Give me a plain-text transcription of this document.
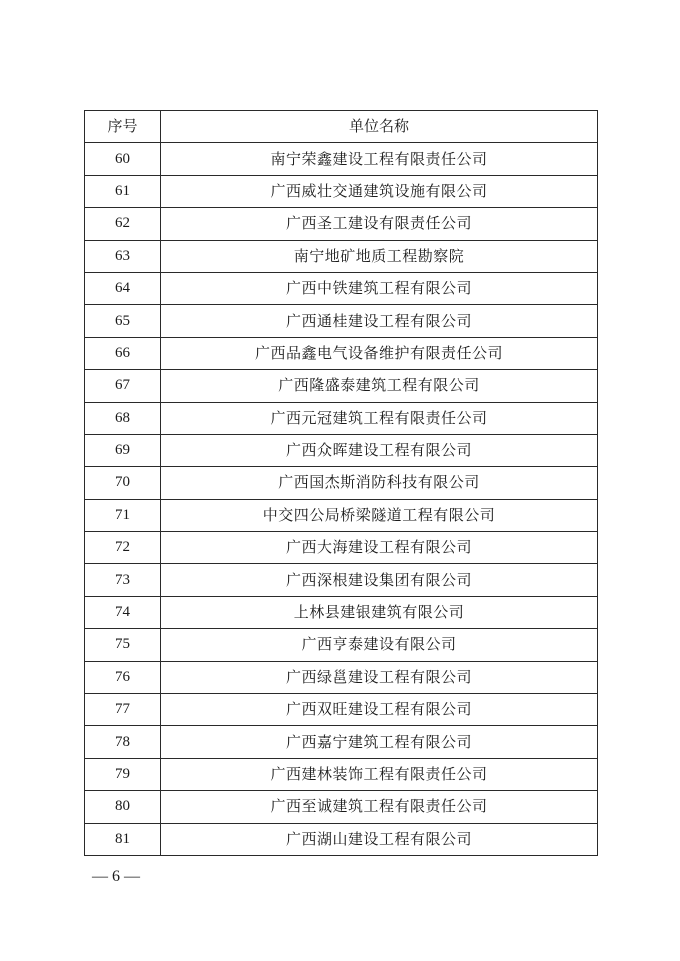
序号	单位名称
60	南宁荣鑫建设工程有限责任公司
61	广西威壮交通建筑设施有限公司
62	广西圣工建设有限责任公司
63	南宁地矿地质工程勘察院
64	广西中铁建筑工程有限公司
65	广西通桂建设工程有限公司
66	广西品鑫电气设备维护有限责任公司
67	广西隆盛泰建筑工程有限公司
68	广西元冠建筑工程有限责任公司
69	广西众晖建设工程有限公司
70	广西国杰斯消防科技有限公司
71	中交四公局桥梁隧道工程有限公司
72	广西大海建设工程有限公司
73	广西深根建设集团有限公司
74	上林县建银建筑有限公司
75	广西亨泰建设有限公司
76	广西绿邕建设工程有限公司
77	广西双旺建设工程有限公司
78	广西嘉宁建筑工程有限公司
79	广西建林装饰工程有限责任公司
80	广西至诚建筑工程有限责任公司
81	广西湖山建设工程有限公司
— 6 —
